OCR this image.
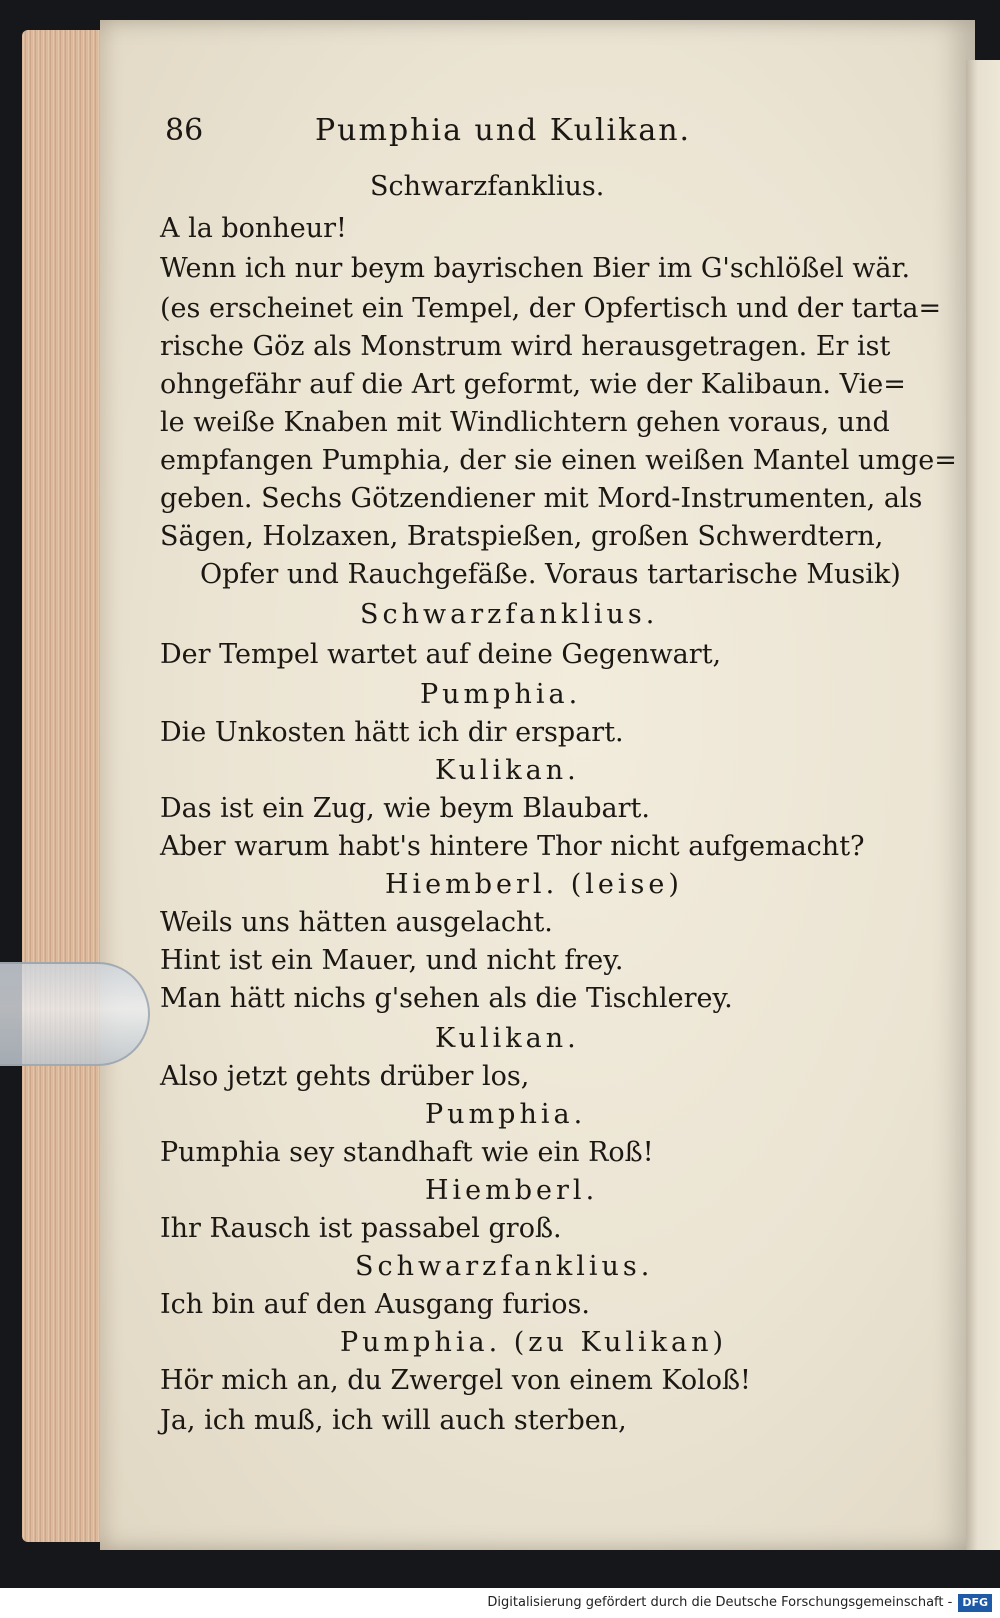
86	Pumphia und Kulikan.
Schwarzfanklius.
A la bonheur!
Wenn ich nur beym bayrischen Bier im G'schlößel wär.
(es erscheinet ein Tempel, der Opfertisch und der tarta=
rische Göz als Monstrum wird herausgetragen. Er ist
ohngefähr auf die Art geformt, wie der Kalibaun. Vie=
le weiße Knaben mit Windlichtern gehen voraus, und
empfangen Pumphia, der sie einen weißen Mantel umge=
geben. Sechs Götzendiener mit Mord-Instrumenten, als
Sägen, Holzaxen, Bratspießen, großen Schwerdtern,
Opfer und Rauchgefäße. Voraus tartarische Musik)
Schwarzfanklius.
Der Tempel wartet auf deine Gegenwart,
Pumphia.
Die Unkosten hätt ich dir erspart.
Kulikan.
Das ist ein Zug, wie beym Blaubart.
Aber warum habt's hintere Thor nicht aufgemacht?
Hiemberl. (leise)
Weils uns hätten ausgelacht.
Hint ist ein Mauer, und nicht frey.
Man hätt nichs g'sehen als die Tischlerey.
Kulikan.
Also jetzt gehts drüber los,
Pumphia.
Pumphia sey standhaft wie ein Roß!
Hiemberl.
Ihr Rausch ist passabel groß.
Schwarzfanklius.
Ich bin auf den Ausgang furios.
Pumphia. (zu Kulikan)
Hör mich an, du Zwergel von einem Koloß!
Ja, ich muß, ich will auch sterben,
Digitalisierung gefördert durch die Deutsche Forschungsgemeinschaft - DFG
